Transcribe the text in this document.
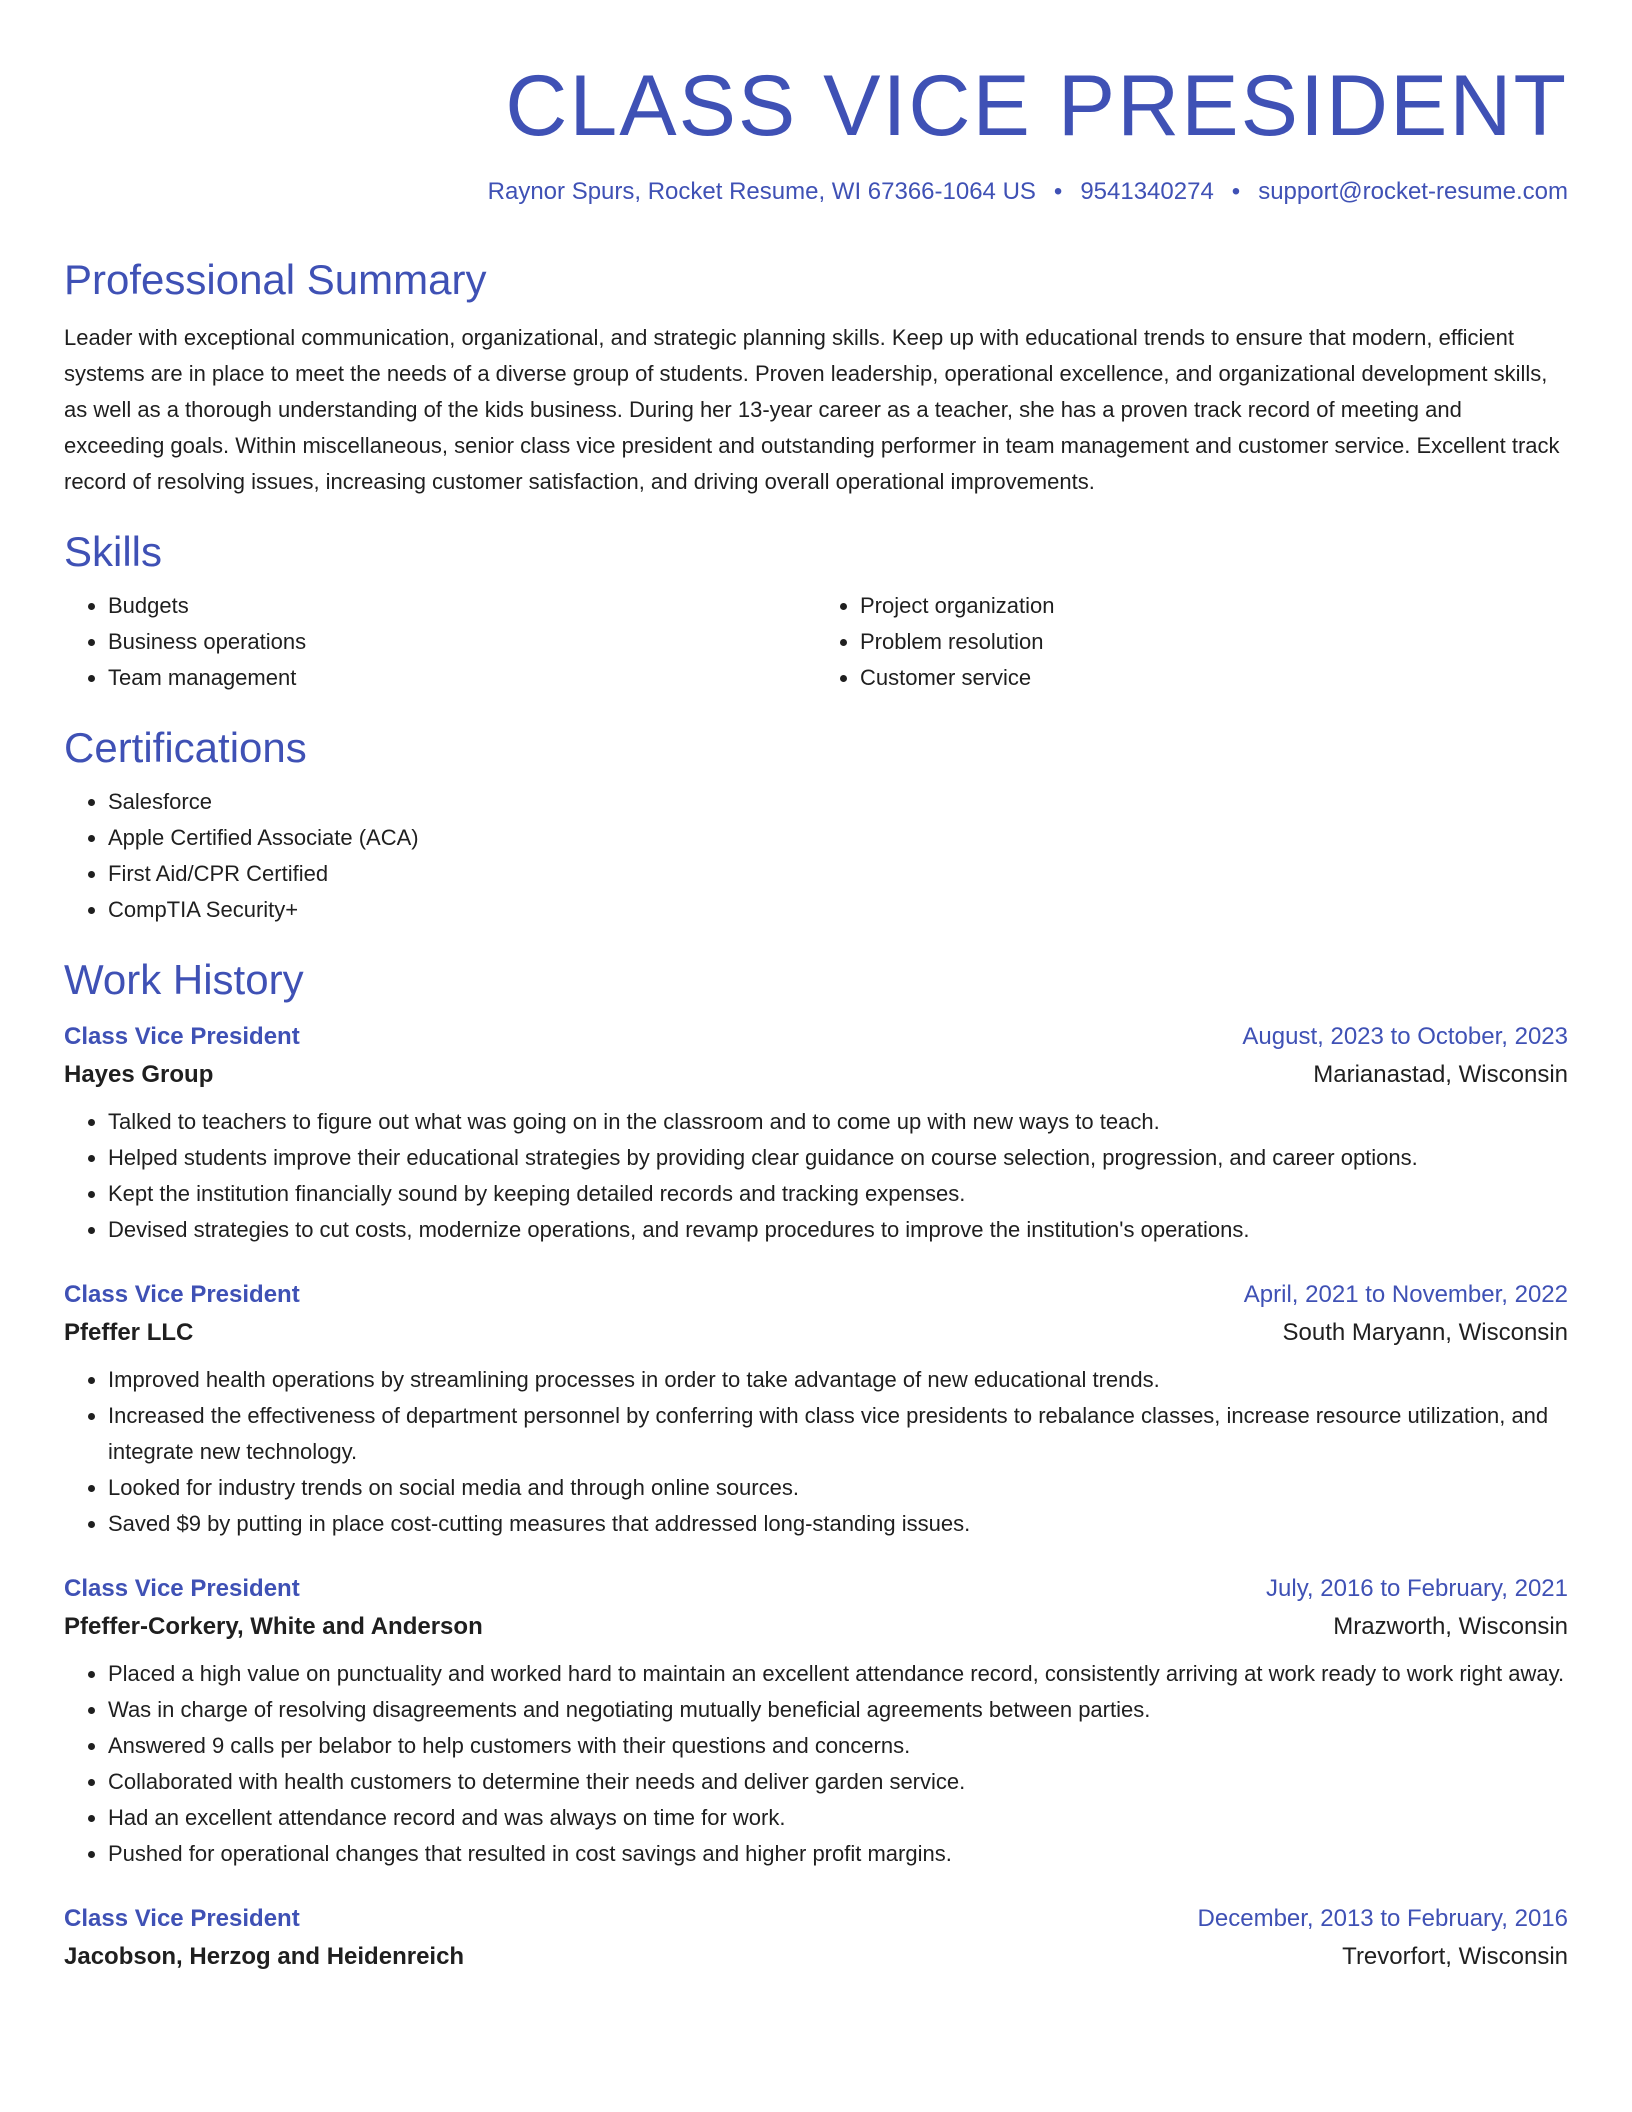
CLASS VICE PRESIDENT
Raynor Spurs, Rocket Resume, WI 67366-1064 US • 9541340274 • support@rocket-resume.com
Professional Summary

Leader with exceptional communication, organizational, and strategic planning skills. Keep up with educational trends to ensure that modern, efficient systems are in place to meet the needs of a diverse group of students. Proven leadership, operational excellence, and organizational development skills, as well as a thorough understanding of the kids business. During her 13-year career as a teacher, she has a proven track record of meeting and exceeding goals. Within miscellaneous, senior class vice president and outstanding performer in team management and customer service. Excellent track record of resolving issues, increasing customer satisfaction, and driving overall operational improvements.

Skills
• Budgets
• Business operations
• Team management
• Project organization
• Problem resolution
• Customer service
Certifications
• Salesforce
• Apple Certified Associate (ACA)
• First Aid/CPR Certified
• CompTIA Security+
Work History
Class Vice President	August, 2023 to October, 2023
Hayes Group	Marianastad, Wisconsin
• Talked to teachers to figure out what was going on in the classroom and to come up with new ways to teach.
• Helped students improve their educational strategies by providing clear guidance on course selection, progression, and career options.
• Kept the institution financially sound by keeping detailed records and tracking expenses.
• Devised strategies to cut costs, modernize operations, and revamp procedures to improve the institution's operations.
Class Vice President	April, 2021 to November, 2022
Pfeffer LLC	South Maryann, Wisconsin
• Improved health operations by streamlining processes in order to take advantage of new educational trends.
• Increased the effectiveness of department personnel by conferring with class vice presidents to rebalance classes, increase resource utilization, and integrate new technology.
• Looked for industry trends on social media and through online sources.
• Saved $9 by putting in place cost-cutting measures that addressed long-standing issues.
Class Vice President	July, 2016 to February, 2021
Pfeffer-Corkery, White and Anderson	Mrazworth, Wisconsin
• Placed a high value on punctuality and worked hard to maintain an excellent attendance record, consistently arriving at work ready to work right away.
• Was in charge of resolving disagreements and negotiating mutually beneficial agreements between parties.
• Answered 9 calls per belabor to help customers with their questions and concerns.
• Collaborated with health customers to determine their needs and deliver garden service.
• Had an excellent attendance record and was always on time for work.
• Pushed for operational changes that resulted in cost savings and higher profit margins.
Class Vice President	December, 2013 to February, 2016
Jacobson, Herzog and Heidenreich	Trevorfort, Wisconsin
